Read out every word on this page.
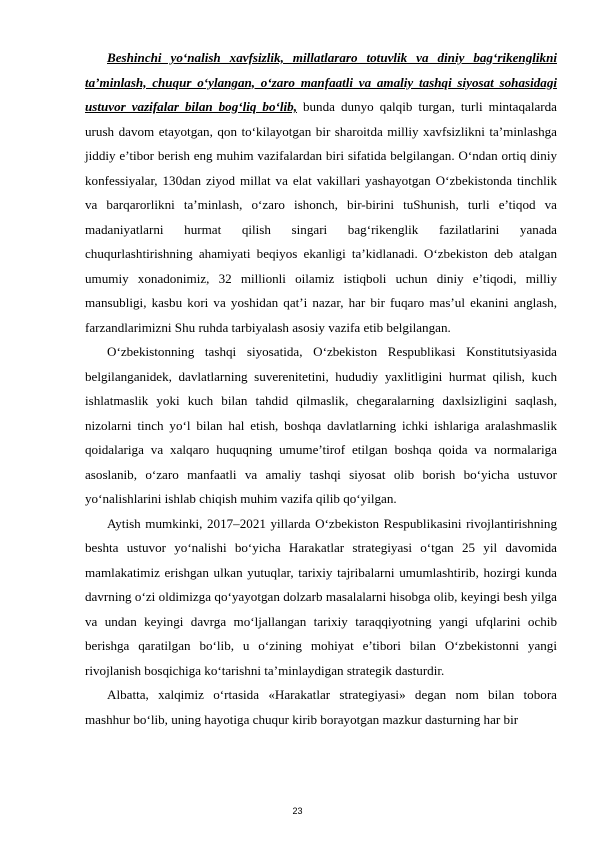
Beshinchi yo‘nalish xavfsizlik, millatlararo totuvlik va diniy bag‘rikenglikni ta’minlash, chuqur o‘ylangan, o‘zaro manfaatli va amaliy tashqi siyosat sohasidagi ustuvor vazifalar bilan bog‘liq bo‘lib, bunda dunyo qalqib turgan, turli mintaqalarda urush davom etayotgan, qon to‘kilayotgan bir sharoitda milliy xavfsizlikni ta’minlashga jiddiy e’tibor berish eng muhim vazifalardan biri sifatida belgilangan. O‘ndan ortiq diniy konfessiyalar, 130dan ziyod millat va elat vakillari yashayotgan O‘zbekistonda tinchlik va barqarorlikni ta’minlash, o‘zaro ishonch, bir-birini tuShunish, turli e’tiqod va madaniyatlarni hurmat qilish singari bag‘rikenglik fazilatlarini yanada chuqurlashtirishning ahamiyati beqiyos ekanligi ta’kidlanadi. O‘zbekiston deb atalgan umumiy xonadonimiz, 32 millionli oilamiz istiqboli uchun diniy e’tiqodi, milliy mansubligi, kasbu kori va yoshidan qat’i nazar, har bir fuqaro mas’ul ekanini anglash, farzandlarimizni Shu ruhda tarbiyalash asosiy vazifa etib belgilangan.

O‘zbekistonning tashqi siyosatida, O‘zbekiston Respublikasi Konstitutsiyasida belgilanganidek, davlatlarning suverenitetini, hududiy yaxlitligini hurmat qilish, kuch ishlatmaslik yoki kuch bilan tahdid qilmaslik, chegaralarning daxlsizligini saqlash, nizolarni tinch yo‘l bilan hal etish, boshqa davlatlarning ichki ishlariga aralashmaslik qoidalariga va xalqaro huquqning umume’tirof etilgan boshqa qoida va normalariga asoslanib, o‘zaro manfaatli va amaliy tashqi siyosat olib borish bo‘yicha ustuvor yo‘nalishlarini ishlab chiqish muhim vazifa qilib qo‘yilgan.

Aytish mumkinki, 2017–2021 yillarda O‘zbekiston Respublikasini rivojlantirishning beshta ustuvor yo‘nalishi bo‘yicha Harakatlar strategiyasi o‘tgan 25 yil davomida mamlakatimiz erishgan ulkan yutuqlar, tarixiy tajribalarni umumlashtirib, hozirgi kunda davrning o‘zi oldimizga qo‘yayotgan dolzarb masalalarni hisobga olib, keyingi besh yilga va undan keyingi davrga mo‘ljallangan tarixiy taraqqiyotning yangi ufqlarini ochib berishga qaratilgan bo‘lib, u o‘zining mohiyat e’tibori bilan O‘zbekistonni yangi rivojlanish bosqichiga ko‘tarishni ta’minlaydigan strategik dasturdir.

Albatta, xalqimiz o‘rtasida «Harakatlar strategiyasi» degan nom bilan tobora mashhur bo‘lib, uning hayotiga chuqur kirib borayotgan mazkur dasturning har bir

23
